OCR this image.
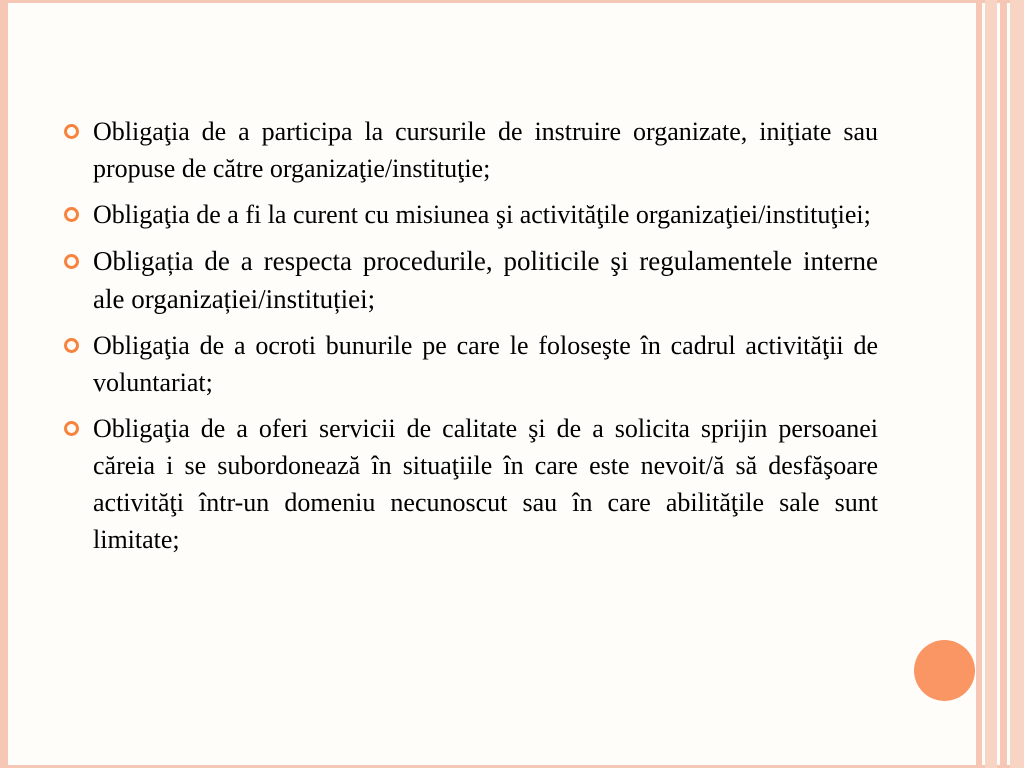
Obligaţia de a participa la cursurile de instruire organizate, iniţiate sau propuse de către organizaţie/instituţie;
Obligaţia de a fi la curent cu misiunea şi activităţile organizaţiei/instituţiei;
Obligația de a respecta procedurile, politicile şi regulamentele interne ale organizației/instituției;
Obligaţia de a ocroti bunurile pe care le foloseşte în cadrul activităţii de voluntariat;
Obligaţia de a oferi servicii de calitate şi de a solicita sprijin persoanei căreia i se subordonează în situaţiile în care este nevoit/ă să desfăşoare activităţi într-un domeniu necunoscut sau în care abilităţile sale sunt limitate;
